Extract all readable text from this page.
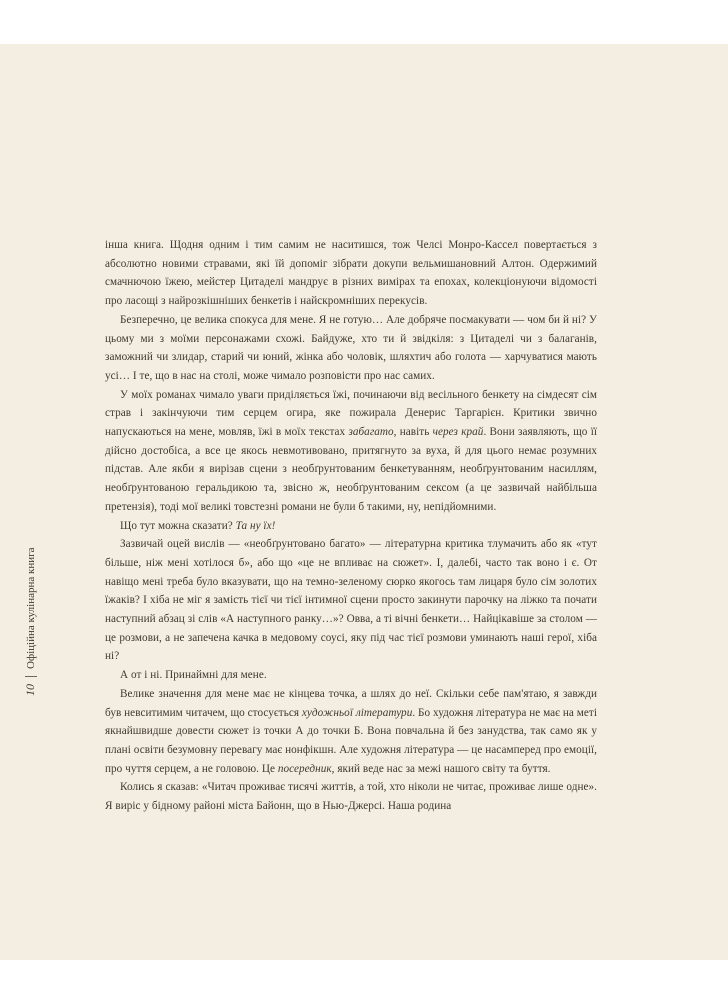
10
Офіційна кулінарна книга

інша книга. Щодня одним і тим самим не наситишся, тож Челсі Монро-Кассел повертається з абсолютно новими стравами, які їй допоміг зібрати докупи вельмишановний Алтон. Одержимий смачнючою їжею, мейстер Цитаделі мандрує в різних вимірах та епохах, колекціонуючи відомості про ласощі з найрозкішніших бенкетів і найскромніших перекусів.

Безперечно, це велика спокуса для мене. Я не готую… Але добряче посмакувати — чом би й ні? У цьому ми з моїми персонажами схожі. Байдуже, хто ти й звідкіля: з Цитаделі чи з балаганів, заможний чи злидар, старий чи юний, жінка або чоловік, шляхтич або голота — харчуватися мають усі… І те, що в нас на столі, може чимало розповісти про нас самих.

У моїх романах чимало уваги приділяється їжі, починаючи від весільного бенкету на сімдесят сім страв і закінчуючи тим серцем огира, яке пожирала Денерис Таргарієн. Критики звично напускаються на мене, мовляв, їжі в моїх текстах забагато, навіть через край. Вони заявляють, що її дійсно достобіса, а все це якось невмотивовано, притягнуто за вуха, й для цього немає розумних підстав. Але якби я вирізав сцени з необґрунтованим бенкетуванням, необґрунтованим насиллям, необґрунтованою геральдикою та, звісно ж, необґрунтованим сексом (а це зазвичай найбільша претензія), тоді мої великі товстезні романи не були б такими, ну, непідйомними.

Що тут можна сказати? Та ну їх!

Зазвичай оцей вислів — «необґрунтовано багато» — літературна критика тлумачить або як «тут більше, ніж мені хотілося б», або що «це не впливає на сюжет». І, далебі, часто так воно і є. От навіщо мені треба було вказувати, що на темно-зеленому сюрко якогось там лицаря було сім золотих їжаків? І хіба не міг я замість тієї чи тієї інтимної сцени просто закинути парочку на ліжко та почати наступний абзац зі слів «А наступного ранку…»? Овва, а ті вічні бенкети… Найцікавіше за столом — це розмови, а не запечена качка в медовому соусі, яку під час тієї розмови уминають наші герої, хіба ні?

А от і ні. Принаймні для мене.

Велике значення для мене має не кінцева точка, а шлях до неї. Скільки себе пам'ятаю, я завжди був невситимим читачем, що стосується художньої літератури. Бо художня література не має на меті якнайшвидше довести сюжет із точки А до точки Б. Вона повчальна й без занудства, так само як у плані освіти безумовну перевагу має нонфікшн. Але художня література — це насамперед про емоції, про чуття серцем, а не головою. Це посередник, який веде нас за межі нашого світу та буття.

Колись я сказав: «Читач проживає тисячі життів, а той, хто ніколи не читає, проживає лише одне». Я виріс у бідному районі міста Байонн, що в Нью-Джерсі. Наша родина
